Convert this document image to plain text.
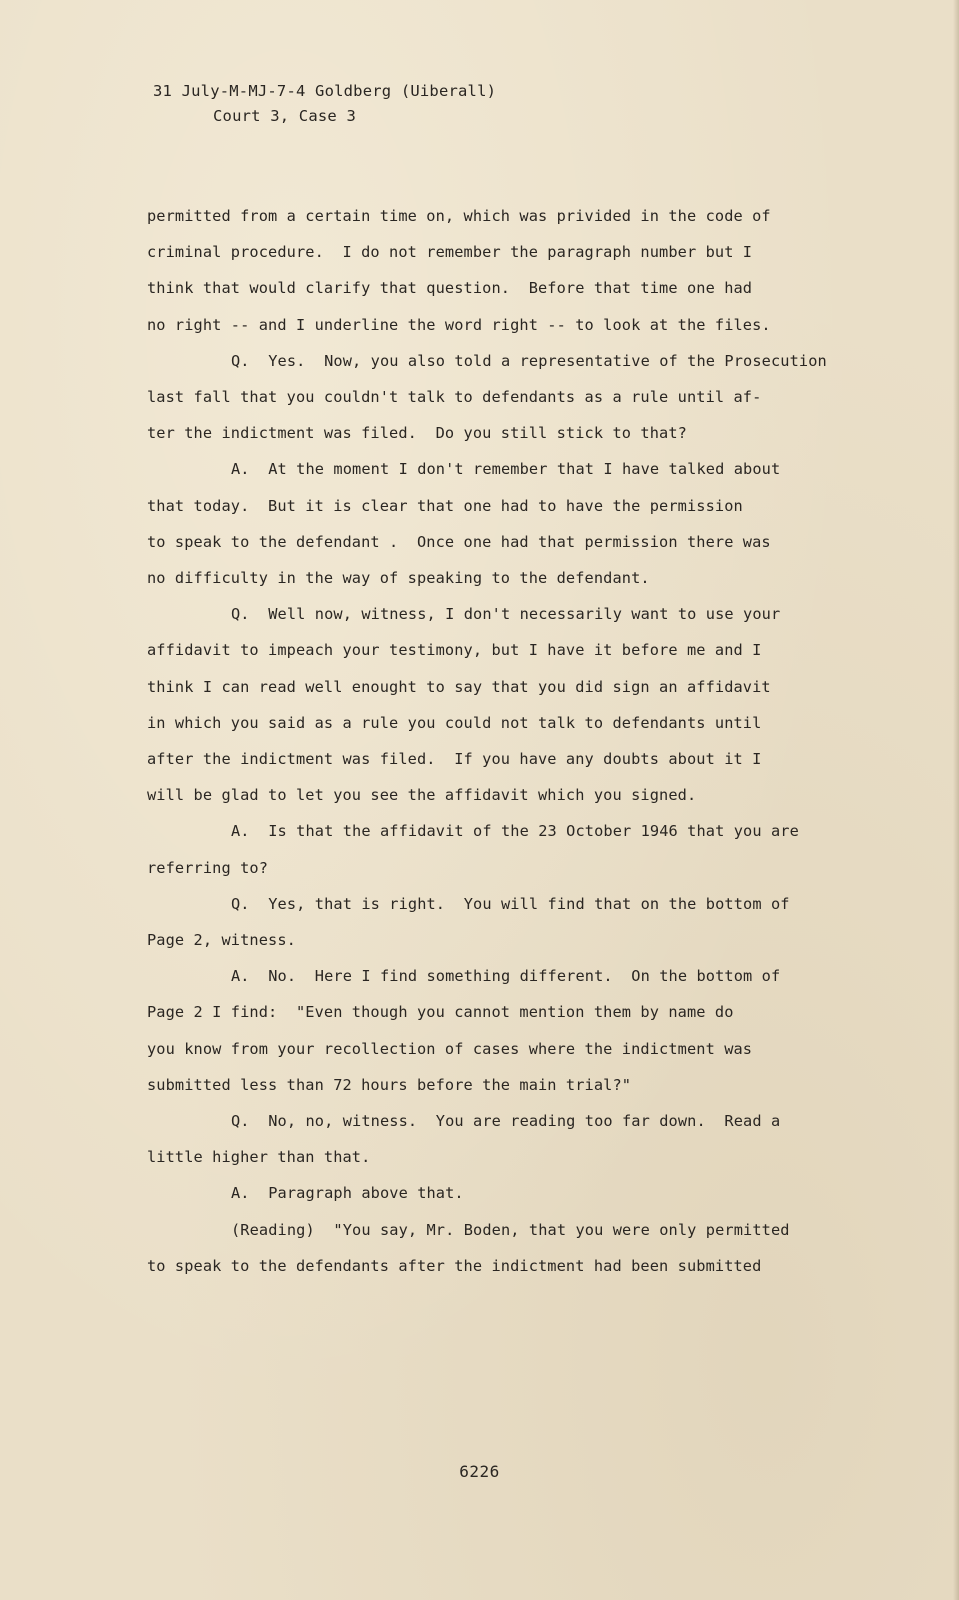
31 July-M-MJ-7-4 Goldberg (Uiberall)
Court 3, Case 3
permitted from a certain time on, which was privided in the code of
criminal procedure.  I do not remember the paragraph number but I
think that would clarify that question.  Before that time one had
no right -- and I underline the word right -- to look at the files.
Q.  Yes.  Now, you also told a representative of the Prosecution
last fall that you couldn't talk to defendants as a rule until af-
ter the indictment was filed.  Do you still stick to that?
A.  At the moment I don't remember that I have talked about
that today.  But it is clear that one had to have the permission
to speak to the defendant .  Once one had that permission there was
no difficulty in the way of speaking to the defendant.
Q.  Well now, witness, I don't necessarily want to use your
affidavit to impeach your testimony, but I have it before me and I
think I can read well enought to say that you did sign an affidavit
in which you said as a rule you could not talk to defendants until
after the indictment was filed.  If you have any doubts about it I
will be glad to let you see the affidavit which you signed.
A.  Is that the affidavit of the 23 October 1946 that you are
referring to?
Q.  Yes, that is right.  You will find that on the bottom of
Page 2, witness.
A.  No.  Here I find something different.  On the bottom of
Page 2 I find:  "Even though you cannot mention them by name do
you know from your recollection of cases where the indictment was
submitted less than 72 hours before the main trial?"
Q.  No, no, witness.  You are reading too far down.  Read a
little higher than that.
A.  Paragraph above that.
(Reading)  "You say, Mr. Boden, that you were only permitted
to speak to the defendants after the indictment had been submitted
6226
